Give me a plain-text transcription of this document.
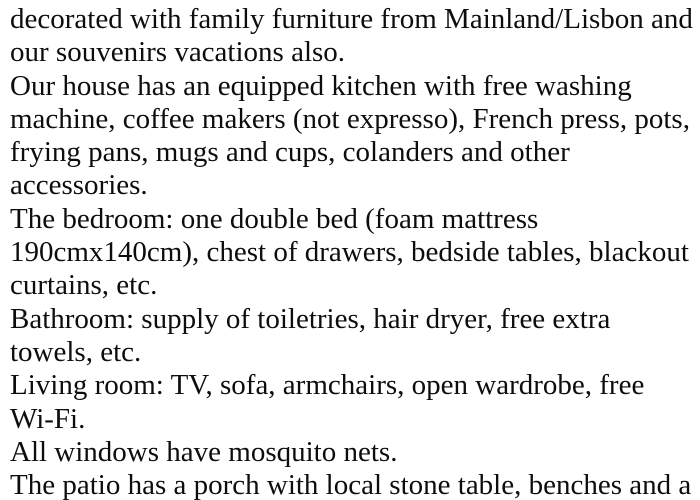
decorated with family furniture from Mainland/Lisbon and
our souvenirs vacations also.
Our house has an equipped kitchen with free washing
machine, coffee makers (not expresso), French press, pots,
frying pans, mugs and cups, colanders and other
accessories.
The bedroom: one double bed (foam mattress
190cmx140cm), chest of drawers, bedside tables, blackout
curtains, etc.
Bathroom: supply of toiletries, hair dryer, free extra
towels, etc.
Living room: TV, sofa, armchairs, open wardrobe, free
Wi-Fi.
All windows have mosquito nets.
The patio has a porch with local stone table, benches and a
